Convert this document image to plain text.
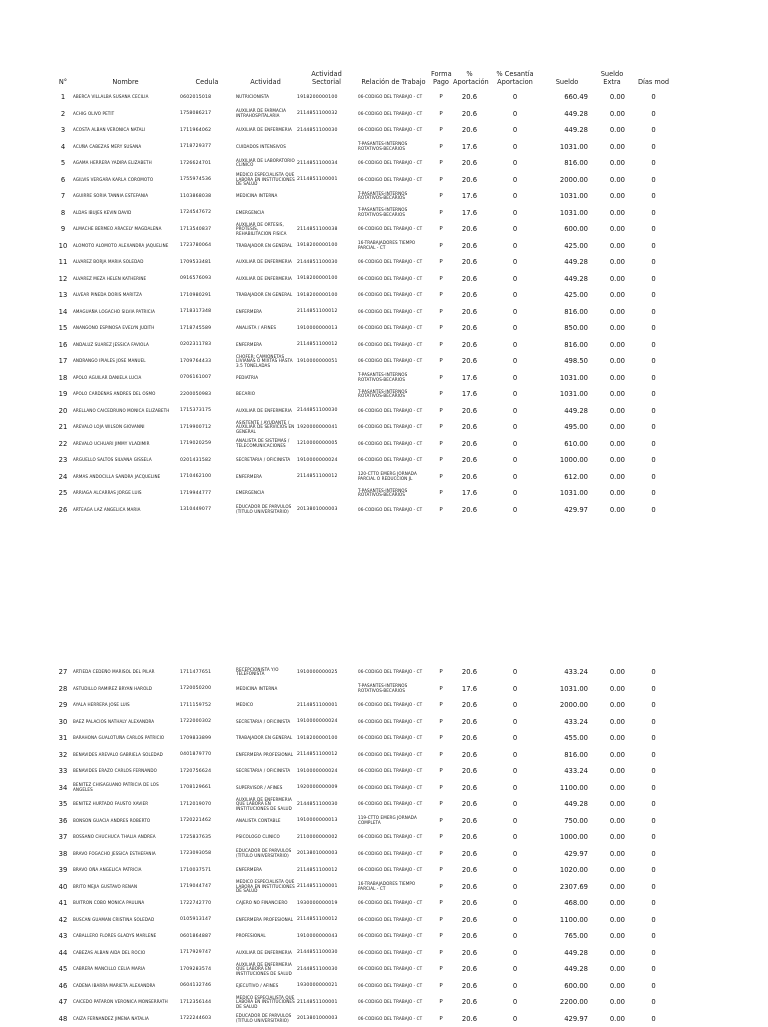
N°	Nombre	Cedula	Actividad	Actividad Sectorial	Relación de Trabajo	Forma Pago	% Aportación	% Cesantía Aportacion	Sueldo	Sueldo Extra	Días mod
1	ABERCA VILLALBA SUSANA CECILIA	0602015018	NUTRICIONISTA	1918200000100	06-CODIGO DEL TRABAJO - CT	P	20.6	0	660.49	0.00	0
2	ACHIG OLIVO PETIT	1758086217	AUXILIAR DE FARMACIA INTRAHOSPITALARIA	2114851100032	06-CODIGO DEL TRABAJO - CT	P	20.6	0	449.28	0.00	0
3	ACOSTA ALBAN VERONICA NATALI	1711964062	AUXILIAR DE ENFERMERIA	2144851100030	06-CODIGO DEL TRABAJO - CT	P	20.6	0	449.28	0.00	0
4	ACUÑA CABEZAS MERY SUSANA	1718729377	CUIDADOS INTENSIVOS		T-PASANTES-INTERNOS ROTATIVOS-BECARIOS	P	17.6	0	1031.00	0.00	0
5	AGAMA HERRERA YADIRA ELIZABETH	1726624701	AUXILIAR DE LABORATORIO CLINICO	2114851100034	06-CODIGO DEL TRABAJO - CT	P	20.6	0	816.00	0.00	0
6	AGILVIS VERGARA KARLA COROMOTO	1755974536	MEDICO ESPECIALISTA QUE LABORA EN INSTITUCIONES DE SALUD	2114851100001	06-CODIGO DEL TRABAJO - CT	P	20.6	0	2000.00	0.00	0
7	AGUIRRE SORIA TANNIA ESTEFANIA	1103868038	MEDICINA INTERNA		T-PASANTES-INTERNOS ROTATIVOS-BECARIOS	P	17.6	0	1031.00	0.00	0
8	ALDAS IBUJES KEVIN DAVID	1724547672	EMERGENCIA		T-PASANTES-INTERNOS ROTATIVOS-BECARIOS	P	17.6	0	1031.00	0.00	0
9	ALMACHE BERMEO ARACELY MAGDALENA	1713540837	AUXILIAR DE ORTESIS, PROTESIS, REHABILITACION FISICA	2114851100038	06-CODIGO DEL TRABAJO - CT	P	20.6	0	600.00	0.00	0
10	ALOMOTO ALOMOTO ALEXANDRA JAQUELINE	1723780064	TRABAJADOR EN GENERAL	1918200000100	16-TRABAJADORES TIEMPO PARCIAL - CT	P	20.6	0	425.00	0.00	0
11	ALVAREZ BORJA MARIA SOLEDAD	1709533481	AUXILIAR DE ENFERMERIA	2144851100030	06-CODIGO DEL TRABAJO - CT	P	20.6	0	449.28	0.00	0
12	ALVAREZ MEZA HELEN KATHERINE	0916576093	AUXILIAR DE ENFERMERIA	1918200000100	06-CODIGO DEL TRABAJO - CT	P	20.6	0	449.28	0.00	0
13	ALVEAR PINEDA DORIS MARITZA	1710980291	TRABAJADOR EN GENERAL	1918200000100	06-CODIGO DEL TRABAJO - CT	P	20.6	0	425.00	0.00	0
14	AMAGUAÑA LOGACHO SILVIA PATRICIA	1718317348	ENFERMERA	2114851100012	06-CODIGO DEL TRABAJO - CT	P	20.6	0	816.00	0.00	0
15	ANANGONO ESPINOSA EVELYN JUDITH	1718745589	ANALISTA / AFINES	1910000000013	06-CODIGO DEL TRABAJO - CT	P	20.6	0	850.00	0.00	0
16	ANDALUZ SUAREZ JESSICA FAVIOLA	0202311783	ENFERMERA	2114851100012	06-CODIGO DEL TRABAJO - CT	P	20.6	0	816.00	0.00	0
17	ANDRANGO IPIALES JOSE MANUEL	1709764433	CHOFER: CAMIONETAS LIVIANAS O MIXTAS HASTA 3.5 TONELADAS	1910000000051	06-CODIGO DEL TRABAJO - CT	P	20.6	0	498.50	0.00	0
18	APOLO AGUILAR DANIELA LUCIA	0706161007	PEDIATRIA		T-PASANTES-INTERNOS ROTATIVOS-BECARIOS	P	17.6	0	1031.00	0.00	0
19	APOLO CARDENAS ANDRES DEL OSMO	2200050983	BECARIO		T-PASANTES-INTERNOS ROTATIVOS-BECARIOS	P	17.6	0	1031.00	0.00	0
20	ARELLANO CAICEDRUNO MONICA ELIZABETH	1715373175	AUXILIAR DE ENFERMERIA	2144851100030	06-CODIGO DEL TRABAJO - CT	P	20.6	0	449.28	0.00	0
21	AREVALO LOJA WILSON GIOVANNI	1719900712	ASISTENTE / AYUDANTE / AUXILIAR DE SERVICIOS EN GENERAL	1920000000041	06-CODIGO DEL TRABAJO - CT	P	20.6	0	495.00	0.00	0
22	AREVALO UCHUARI JIMMY VLADIMIR	1719020259	ANALISTA DE SISTEMAS / TELECOMUNICACIONES	1210000000005	06-CODIGO DEL TRABAJO - CT	P	20.6	0	610.00	0.00	0
23	ARGUELLO SALTOS SILVANA GISSELA	0201431582	SECRETARIA / OFICINISTA	1910000000024	06-CODIGO DEL TRABAJO - CT	P	20.6	0	1000.00	0.00	0
24	ARMAS ANDOCILLA SANDRA JACQUELINE	1710462100	ENFERMERA	2114851100012	120-CTTO EMERG JORNADA PARCIAL O REDUCCION JL	P	20.6	0	612.00	0.00	0
25	ARRIAGA ALCARRAS JORGE LUIS	1719944777	EMERGENCIA		T-PASANTES-INTERNOS ROTATIVOS-BECARIOS	P	17.6	0	1031.00	0.00	0
26	ARTEAGA LAZ ANGELICA MARIA	1310449077	EDUCADOR DE PARVULOS (TITULO UNIVERSITARIO)	2013801000003	06-CODIGO DEL TRABAJO - CT	P	20.6	0	429.97	0.00	0
27	ARTIEDA CEDEÑO MARISOL DEL PILAR	1711477651	RECEPCIONISTA Y/O TELEFONISTA	1910000000025	06-CODIGO DEL TRABAJO - CT	P	20.6	0	433.24	0.00	0
28	ASTUDILLO RAMIREZ BRYAN HAROLD	1720050200	MEDICINA INTERNA		T-PASANTES-INTERNOS ROTATIVOS-BECARIOS	P	17.6	0	1031.00	0.00	0
29	AYALA HERRERA JOSE LUIS	1711159752	MEDICO	2114851100001	06-CODIGO DEL TRABAJO - CT	P	20.6	0	2000.00	0.00	0
30	BAEZ PALACIOS NATHALY ALEXANDRA	1722000302	SECRETARIA / OFICINISTA	1910000000024	06-CODIGO DEL TRABAJO - CT	P	20.6	0	433.24	0.00	0
31	BARAHONA GUALOTUÑA CARLOS PATRICIO	1709833899	TRABAJADOR EN GENERAL	1918200000100	06-CODIGO DEL TRABAJO - CT	P	20.6	0	455.00	0.00	0
32	BENAVIDES AREVALO GABRIELA SOLEDAD	0401879770	ENFERMERA PROFESIONAL	2114851100012	06-CODIGO DEL TRABAJO - CT	P	20.6	0	816.00	0.00	0
33	BENAVIDES ERAZO CARLOS FERNANDO	1720756624	SECRETARIA / OFICINISTA	1910000000024	06-CODIGO DEL TRABAJO - CT	P	20.6	0	433.24	0.00	0
34	BENITEZ CHISAGUANO PATRICIA DE LOS ANGELES	1708129661	SUPERVISOR / AFINES	1920000000009	06-CODIGO DEL TRABAJO - CT	P	20.6	0	1100.00	0.00	0
35	BENITEZ HURTADO FAUSTO XAVIER	1712019070	AUXILIAR DE ENFERMERIA QUE LABORA EN INSTITUCIONES DE SALUD	2144851100030	06-CODIGO DEL TRABAJO - CT	P	20.6	0	449.28	0.00	0
36	BONSON GUACIA ANDRES ROBERTO	1720221462	ANALISTA CONTABLE	1910000000013	119-CTTO EMERG JORNADA COMPLETA	P	20.6	0	750.00	0.00	0
37	BOSSANO CHUCHUCA THALIA ANDREA	1725837635	PSICOLOGO CLINICO	2110000000002	06-CODIGO DEL TRABAJO - CT	P	20.6	0	1000.00	0.00	0
38	BRAVO FOGACHO JESSICA ESTHEFANIA	1723093058	EDUCADOR DE PARVULOS (TITULO UNIVERSITARIO)	2013801000003	06-CODIGO DEL TRABAJO - CT	P	20.6	0	429.97	0.00	0
39	BRAVO OÑA ANGELICA PATRICIA	1710037571	ENFERMERA	2114851100012	06-CODIGO DEL TRABAJO - CT	P	20.6	0	1020.00	0.00	0
40	BRITO MEJIA GUSTAVO RENAN	1719044747	MEDICO ESPECIALISTA QUE LABORA EN INSTITUCIONES DE SALUD	2114851100001	16-TRABAJADORES TIEMPO PARCIAL - CT	P	20.6	0	2307.69	0.00	0
41	BUITRON COBO MONICA PAULINA	1722742770	CAJERO NO FINANCIERO	1930000000019	06-CODIGO DEL TRABAJO - CT	P	20.6	0	468.00	0.00	0
42	BUSCAN GUAMAN CRISTINA SOLEDAD	0105913147	ENFERMERA PROFESIONAL	2114851100012	06-CODIGO DEL TRABAJO - CT	P	20.6	0	1100.00	0.00	0
43	CABALLERO FLORES GLADYS MARLENE	0601864887	PROFESIONAL	1910000000043	06-CODIGO DEL TRABAJO - CT	P	20.6	0	765.00	0.00	0
44	CABEZAS ALBAN AIDA DEL ROCIO	1717929747	AUXILIAR DE ENFERMERIA	2144851100030	06-CODIGO DEL TRABAJO - CT	P	20.6	0	449.28	0.00	0
45	CABRERA MANCILLO CELIA MARIA	1709283574	AUXILIAR DE ENFERMERIA QUE LABORA EN INSTITUCIONES DE SALUD	2144851100030	06-CODIGO DEL TRABAJO - CT	P	20.6	0	449.28	0.00	0
46	CADENA IBARRA MARIETA ALEXANDRA	0604132746	EJECUTIVO / AFINES	1930000000021	06-CODIGO DEL TRABAJO - CT	P	20.6	0	600.00	0.00	0
47	CAICEDO PATARON VERONICA MONSERRATH	1712356144	MEDICO ESPECIALISTA QUE LABORA EN INSTITUCIONES DE SALUD	2114851100001	06-CODIGO DEL TRABAJO - CT	P	20.6	0	2200.00	0.00	0
48	CAIZA FERNANDEZ JIMENA NATALIA	1722244603	EDUCADOR DE PARVULOS (TITULO UNIVERSITARIO)	2013801000003	06-CODIGO DEL TRABAJO - CT	P	20.6	0	429.97	0.00	0
